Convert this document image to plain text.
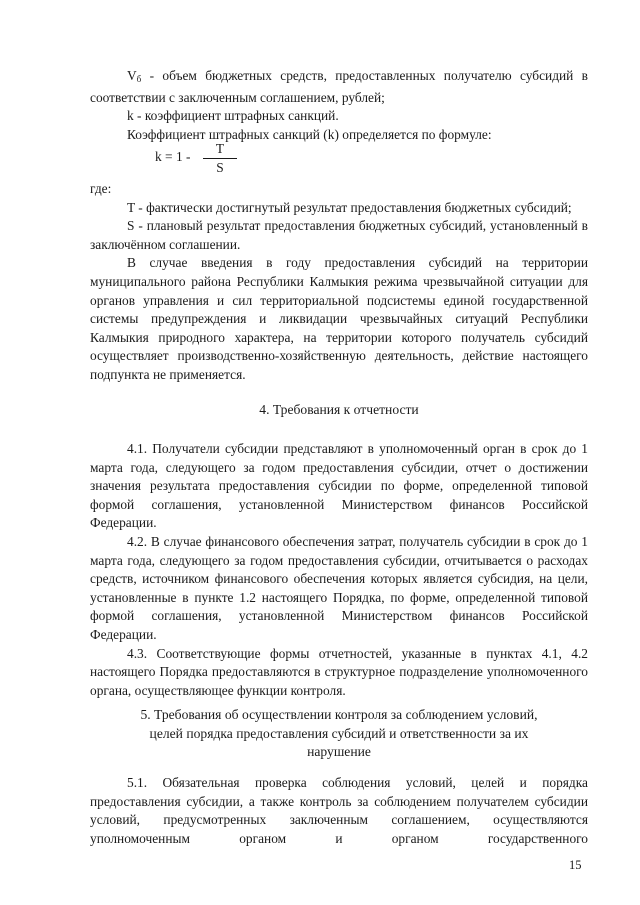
$V_б$ - объем бюджетных средств, предоставленных получателю субсидий в соответствии с заключенным соглашением, рублей;

k - коэффициент штрафных санкций.

Коэффициент штрафных санкций (k) определяется по формуле:

k = 1 -
T
S

где:

T - фактически достигнутый результат предоставления бюджетных субсидий;

S - плановый результат предоставления бюджетных субсидий, установленный в заключённом соглашении.

В случае введения в году предоставления субсидий на территории муниципального района Республики Калмыкия режима чрезвычайной ситуации для органов управления и сил территориальной подсистемы единой государственной системы предупреждения и ликвидации чрезвычайных ситуаций Республики Калмыкия природного характера, на территории которого получатель субсидий осуществляет производственно-хозяйственную деятельность, действие настоящего подпункта не применяется.

4. Требования к отчетности

4.1. Получатели субсидии представляют в уполномоченный орган в срок до 1 марта года, следующего за годом предоставления субсидии, отчет о достижении значения результата предоставления субсидии по форме, определенной типовой формой соглашения, установленной Министерством финансов Российской Федерации.

4.2. В случае финансового обеспечения затрат, получатель субсидии в срок до 1 марта года, следующего за годом предоставления субсидии, отчитывается о расходах средств, источником финансового обеспечения которых является субсидия, на цели, установленные в пункте 1.2 настоящего Порядка, по форме, определенной типовой формой соглашения, установленной Министерством финансов Российской Федерации.

4.3. Соответствующие формы отчетностей, указанные в пунктах 4.1, 4.2 настоящего Порядка предоставляются в структурное подразделение уполномоченного органа, осуществляющее функции контроля.

5. Требования об осуществлении контроля за соблюдением условий,
целей порядка предоставления субсидий и ответственности за их
нарушение

5.1. Обязательная проверка соблюдения условий, целей и порядка предоставления субсидии, а также контроль за соблюдением получателем субсидии условий, предусмотренных заключенным соглашением, осуществляются уполномоченным органом и органом государственного

15
